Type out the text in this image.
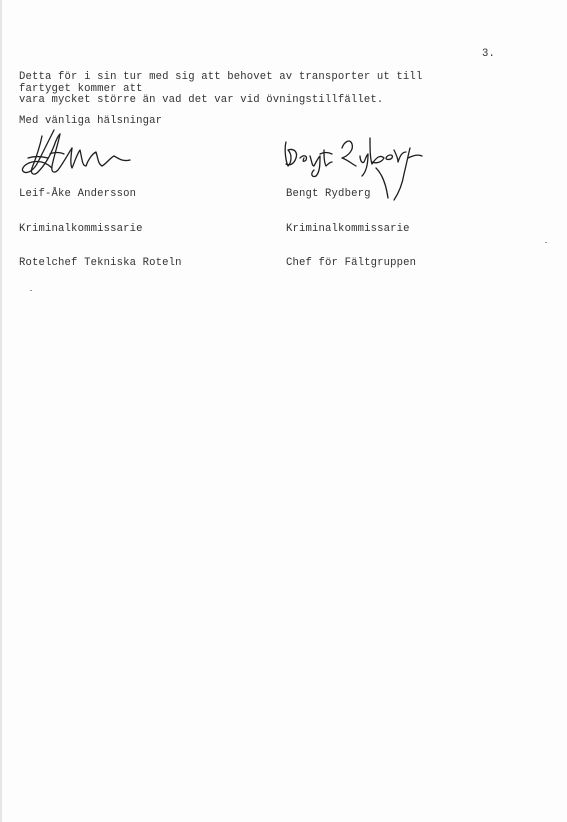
3.
Detta för i sin tur med sig att behovet av transporter ut till
fartyget kommer att
vara mycket större än vad det var vid övningstillfället.
Med vänliga hälsningar

Leif-Åke Andersson

Kriminalkommissarie

Rotelchef Tekniska Roteln

Bengt Rydberg

Kriminalkommissarie

Chef för Fältgruppen
